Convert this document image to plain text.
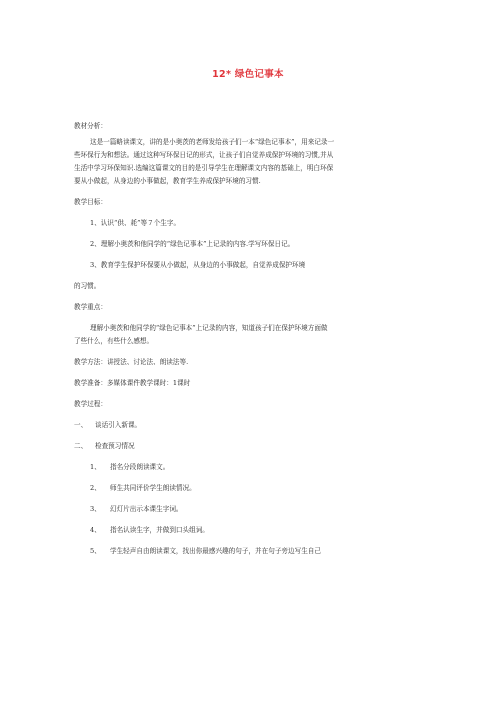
12* 绿色记事本
教材分析：
这是一篇略读课文，讲的是小奥茨的老师发给孩子们一本“绿色记事本”，用来记录一
些环保行为和想法。通过这种写环保日记的形式，让孩子们自觉养成保护环境的习惯,并从
生活中学习环保知识.选编这篇课文的目的是引导学生在理解课文内容的基础上，明白环保
要从小做起，从身边的小事做起，教育学生养成保护环境的习惯.
教学目标：
1、认识“供、耗”等７个生字。
2、理解小奥茨和他同学的“绿色记事本”上记录的内容.学写环保日记。
3、教育学生保护环保要从小做起，从身边的小事做起，自觉养成保护环境
的习惯。
教学重点：
理解小奥茨和他同学的“绿色记事本”上记录的内容，知道孩子们在保护环境方面做
了些什么，有些什么感想。
教学方法：讲授法、讨论法、朗读法等.
教学准备：多媒体课件教学课时：1课时
教学过程：
一、 谈话引入新课。
二、 检查预习情况
1、 指名分段朗读课文。
2、 师生共同评价学生朗读情况。
3、 幻灯片出示本课生字词。
4、 指名认读生字，并做到口头组词。
5、 学生轻声自由朗读课文，找出你最感兴趣的句子，并在句子旁边写生自己
